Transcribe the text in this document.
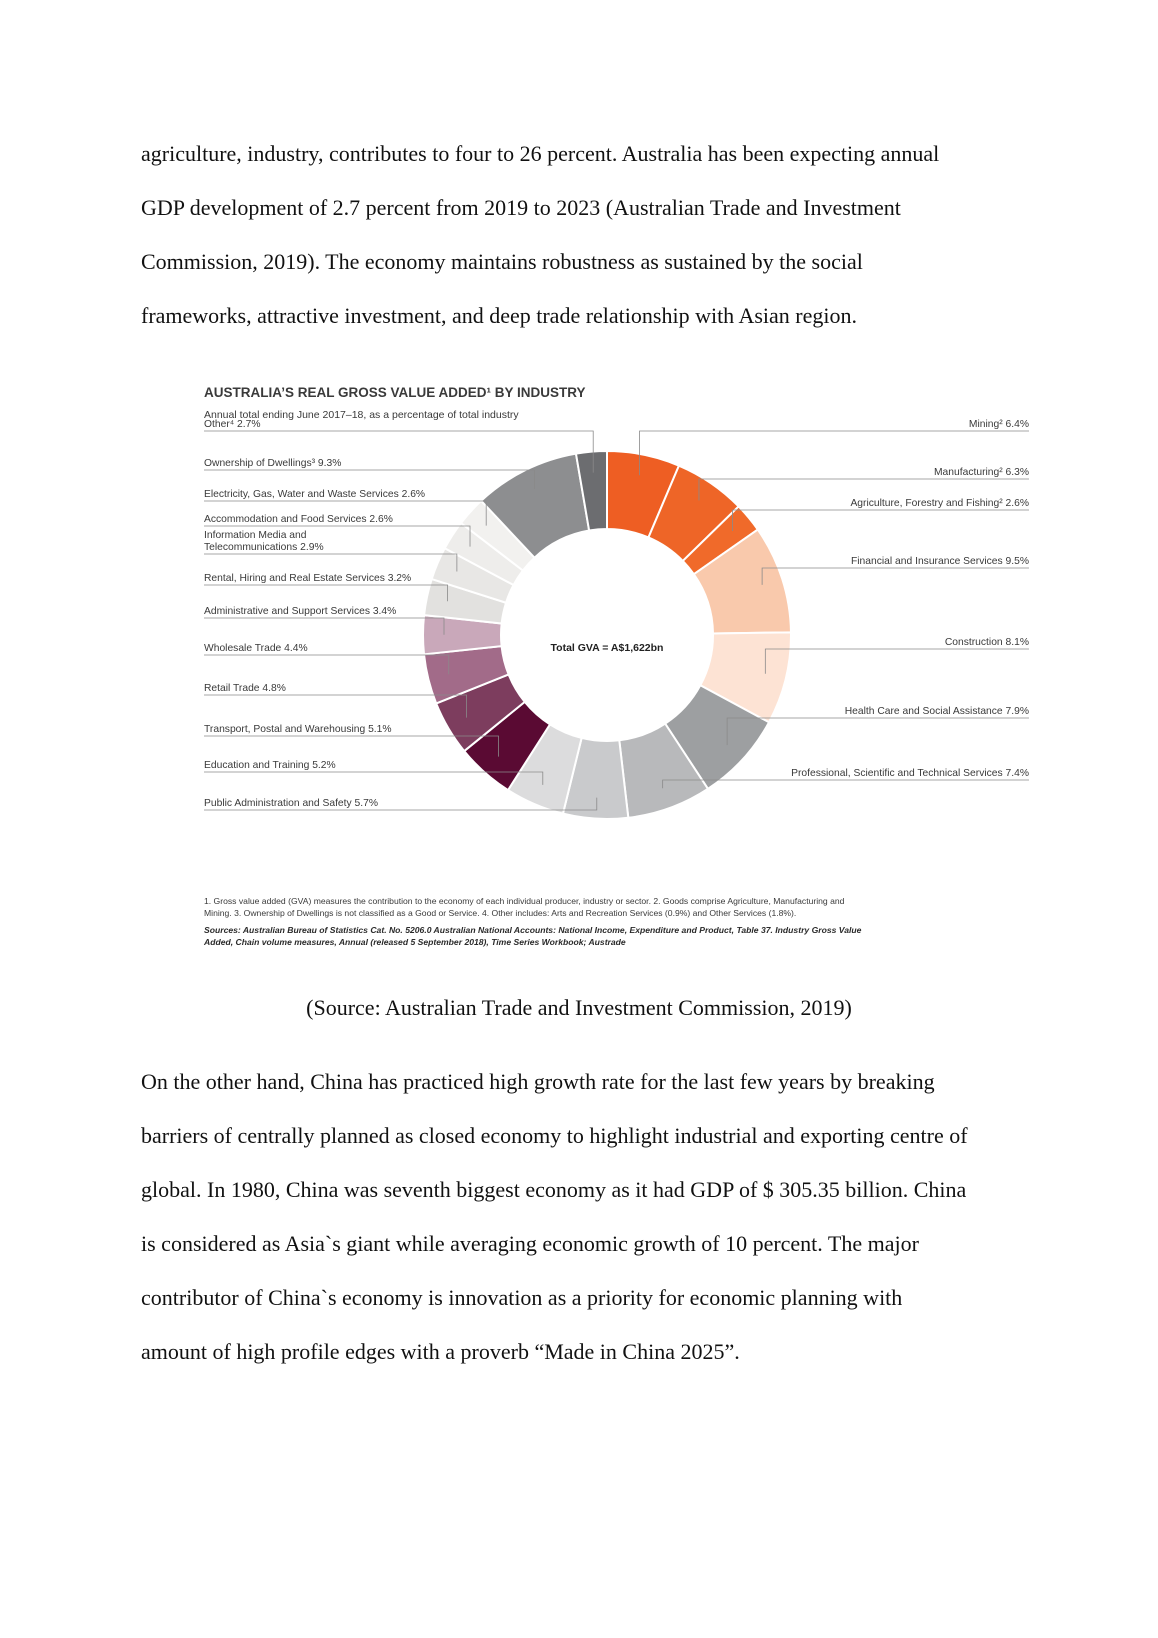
agriculture, industry, contributes to four to 26 percent. Australia has been expecting annual
GDP development of 2.7 percent from 2019 to 2023 (Australian Trade and Investment
Commission, 2019). The economy maintains robustness as sustained by the social
frameworks, attractive investment, and deep trade relationship with Asian region.
AUSTRALIA’S REAL GROSS VALUE ADDED¹ BY INDUSTRY
Annual total ending June 2017–18, as a percentage of total industry
Mining² 6.4%
Manufacturing² 6.3%
Agriculture, Forestry and Fishing² 2.6%
Financial and Insurance Services 9.5%
Construction 8.1%
Health Care and Social Assistance 7.9%
Professional, Scientific and Technical Services 7.4%
Public Administration and Safety 5.7%
Education and Training 5.2%
Transport, Postal and Warehousing 5.1%
Retail Trade 4.8%
Wholesale Trade 4.4%
Administrative and Support Services 3.4%
Rental, Hiring and Real Estate Services 3.2%
Information Media and
Telecommunications 2.9%
Accommodation and Food Services 2.6%
Electricity, Gas, Water and Waste Services 2.6%
Ownership of Dwellings³ 9.3%
Other⁴ 2.7%
Total GVA = A$1,622bn
1. Gross value added (GVA) measures the contribution to the economy of each individual producer, industry or sector. 2. Goods comprise Agriculture, Manufacturing and
Mining. 3. Ownership of Dwellings is not classified as a Good or Service. 4. Other includes: Arts and Recreation Services (0.9%) and Other Services (1.8%).
Sources: Australian Bureau of Statistics Cat. No. 5206.0 Australian National Accounts: National Income, Expenditure and Product, Table 37. Industry Gross Value
Added, Chain volume measures, Annual (released 5 September 2018), Time Series Workbook; Austrade
(Source: Australian Trade and Investment Commission, 2019)
On the other hand, China has practiced high growth rate for the last few years by breaking
barriers of centrally planned as closed economy to highlight industrial and exporting centre of
global. In 1980, China was seventh biggest economy as it had GDP of $ 305.35 billion. China
is considered as Asia`s giant while averaging economic growth of 10 percent. The major
contributor of China`s economy is innovation as a priority for economic planning with
amount of high profile edges with a proverb “Made in China 2025”.
